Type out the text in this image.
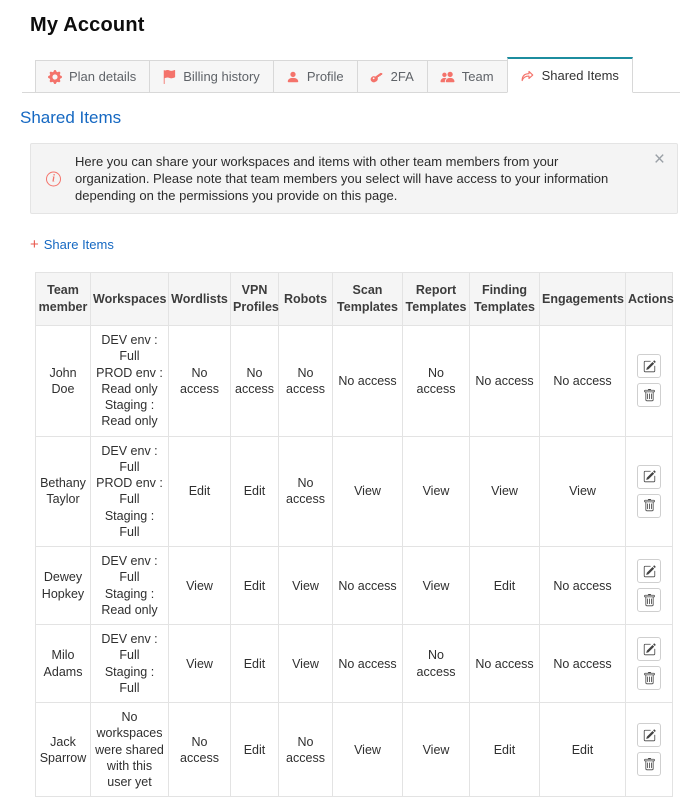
My Account
Plan details	Billing history	Profile	2FA	Team	Shared Items
Shared Items
i
Here you can share your workspaces and items with other team members from your organization. Please note that team members you select will have access to your information depending on the permissions you provide on this page.
×
+ Share Items
Team member	Workspaces	Wordlists	VPN Profiles	Robots	Scan Templates	Report Templates	Finding Templates	Engagements	Actions
John Doe	DEV env : Full
PROD env : Read only
Staging : Read only	No access	No access	No access	No access	No access	No access	No access	

Bethany Taylor	DEV env : Full
PROD env : Full
Staging : Full	Edit	Edit	No access	View	View	View	View	

Dewey Hopkey	DEV env : Full
Staging : Read only	View	Edit	View	No access	View	Edit	No access	

Milo Adams	DEV env : Full
Staging : Full	View	Edit	View	No access	No access	No access	No access	

Jack Sparrow	No workspaces were shared with this user yet	No access	Edit	No access	View	View	Edit	Edit	
